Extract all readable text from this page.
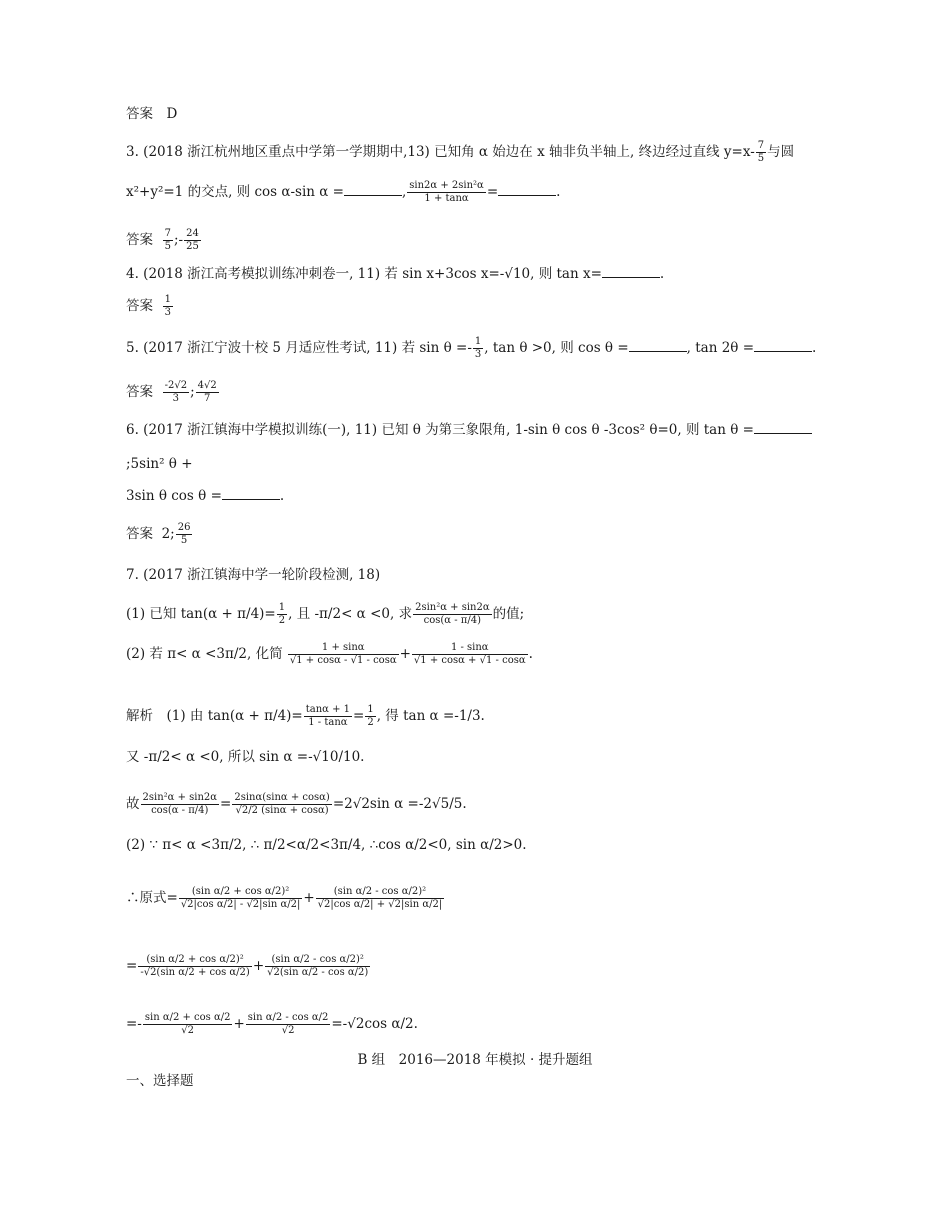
答案　D
3. (2018 浙江杭州地区重点中学第一学期期中,13) 已知角 α 始边在 x 轴非负半轴上, 终边经过直线 $y=x- \frac{7}{5}$ 与圆
x²+y²=1 的交点, 则 cos α-sin α =	, $\frac{\text{sin2α + 2sin²α}}{1 + \tan\alpha}$ =	.
答案 $\frac{7}{5}$ ;- $\frac{24}{25}$
4. (2018 浙江高考模拟训练冲刺卷一, 11) 若 sin x+3cos x=-√10, 则 tan x=	.
答案 $\frac{1}{3}$
5. (2017 浙江宁波十校 5 月适应性考试, 11) 若 $\sin \theta =- \frac{1}{3}$ , tan θ >0, 则 cos θ =	, tan 2θ =	.
答案 $\frac{-2√2}{3}$ ; $\frac{4√2}{7}$
6. (2017 浙江镇海中学模拟训练(一), 11) 已知 θ 为第三象限角, 1-sin θ cos θ -3cos² θ=0, 则 tan θ =
;5sin² θ +
3sin θ cos θ =	.
答案 2; $\frac{26}{5}$
7. (2017 浙江镇海中学一轮阶段检测, 18)
(1) 已知 $\tan(\alpha + \pi/4)= \frac{1}{2}$ , 且 -π/2< α <0, 求 $\frac{\text{2sin²α + sin2α}}{\cos(\alpha - \pi/4)}$ 的值;
(2) 若 π< α <3π/2, 化简 $\frac{1 + \sin\alpha}{√1 + \cos\alpha - √1 - \cos\alpha} + \frac{1 - \sin\alpha}{√1 + \cos\alpha + √1 - \cos\alpha}$ .
解析　(1) 由 $\tan(\alpha + \pi/4)= \frac{\tan\alpha + 1}{1 - \tan\alpha} = \frac{1}{2}$ , 得 tan α =-1/3.
又 -π/2< α <0, 所以 sin α =-√10/10.
故 $\frac{\text{2sin²α + sin2α}}{\cos(\alpha - \pi/4)} = \frac{2\sin\alpha(\sin\alpha + \cos\alpha)}{√2/2 (\sin\alpha + \cos\alpha)} =2√2\sin$ α =-2√5/5.
(2) ∵ π< α <3π/2, ∴ π/2<α/2<3π/4, ∴cos α/2<0, sin α/2>0.
∴原式= $\frac{\text{(sin α/2 + cos α/2)²}}{\text{√2|cos α/2| - √2|sin α/2|}} + \frac{\text{(sin α/2 - cos α/2)²}}{\text{√2|cos α/2| + √2|sin α/2|}}$
= $\frac{\text{(sin α/2 + cos α/2)²}}{\text{-√2(sin α/2 + cos α/2)}} + \frac{\text{(sin α/2 - cos α/2)²}}{\text{√2(sin α/2 - cos α/2)}}$
=- $\frac{\text{sin α/2 + cos α/2}}{√2} + \frac{\text{sin α/2 - cos α/2}}{√2} =-√2\cos$ α/2.
B 组　2016—2018 年模拟 · 提升题组
一、选择题
